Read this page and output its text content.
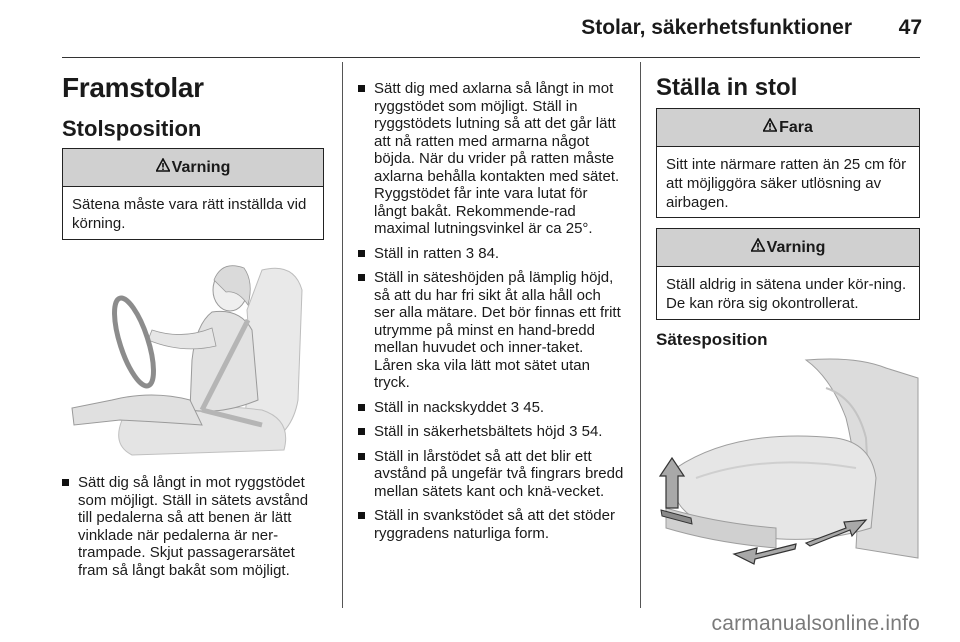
Stolar, säkerhetsfunktioner 47
Framstolar
Stolsposition
Varning
Sätena måste vara rätt inställda vid körning.
Sätt dig så långt in mot ryggstödet som möjligt. Ställ in sätets avstånd till pedalerna så att benen är lätt vinklade när pedalerna är ner-trampade. Skjut passagerarsätet fram så långt bakåt som möjligt.
Sätt dig med axlarna så långt in mot ryggstödet som möjligt. Ställ in ryggstödets lutning så att det går lätt att nå ratten med armarna något böjda. När du vrider på ratten måste axlarna behålla kontakten med sätet. Ryggstödet får inte vara lutat för långt bakåt. Rekommende-rad maximal lutningsvinkel är ca 25°.
Ställ in ratten 3 84.
Ställ in säteshöjden på lämplig höjd, så att du har fri sikt åt alla håll och ser alla mätare. Det bör finnas ett fritt utrymme på minst en hand-bredd mellan huvudet och inner-taket. Låren ska vila lätt mot sätet utan tryck.
Ställ in nackskyddet 3 45.
Ställ in säkerhetsbältets höjd 3 54.
Ställ in lårstödet så att det blir ett avstånd på ungefär två fingrars bredd mellan sätets kant och knä-vecket.
Ställ in svankstödet så att det stöder ryggradens naturliga form.
Ställa in stol
Fara
Sitt inte närmare ratten än 25 cm för att möjliggöra säker utlösning av airbagen.
Varning
Ställ aldrig in sätena under kör-ning. De kan röra sig okontrollerat.
Sätesposition
carmanualsonline.info
